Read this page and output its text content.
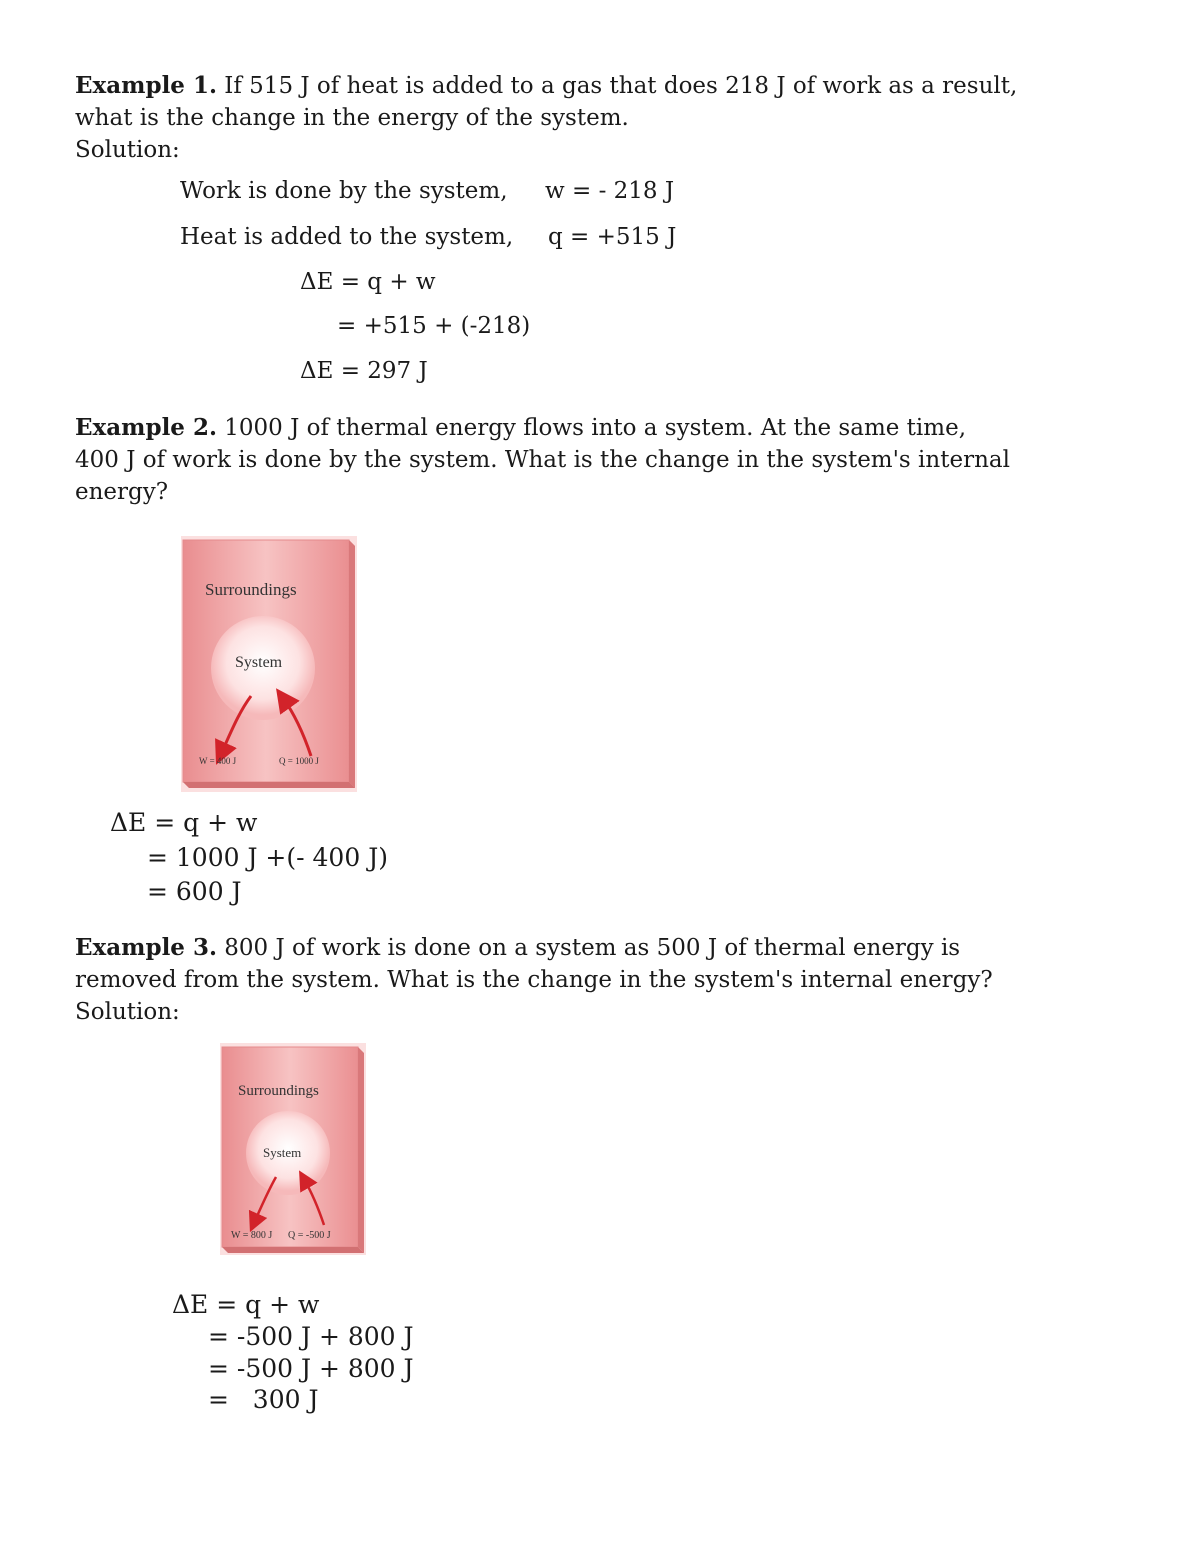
Example 1. If 515 J of heat is added to a gas that does 218 J of work as a result,
what is the change in the energy of the system.
Solution:
Work is done by the system, w = - 218 J
Heat is added to the system, q = +515 J
ΔE = q + w
= +515 + (-218)
ΔE = 297 J
Example 2. 1000 J of thermal energy flows into a system. At the same time,
400 J of work is done by the system. What is the change in the system's internal
energy?
Surroundings
System
W = 400 J	Q = 1000 J
ΔE = q + w
= 1000 J +(- 400 J)
= 600 J
Example 3. 800 J of work is done on a system as 500 J of thermal energy is
removed from the system. What is the change in the system's internal energy?
Solution:
Surroundings
System
W = 800 J Q = -500 J
ΔE = q + w
= -500 J + 800 J
= -500 J + 800 J
=   300 J
